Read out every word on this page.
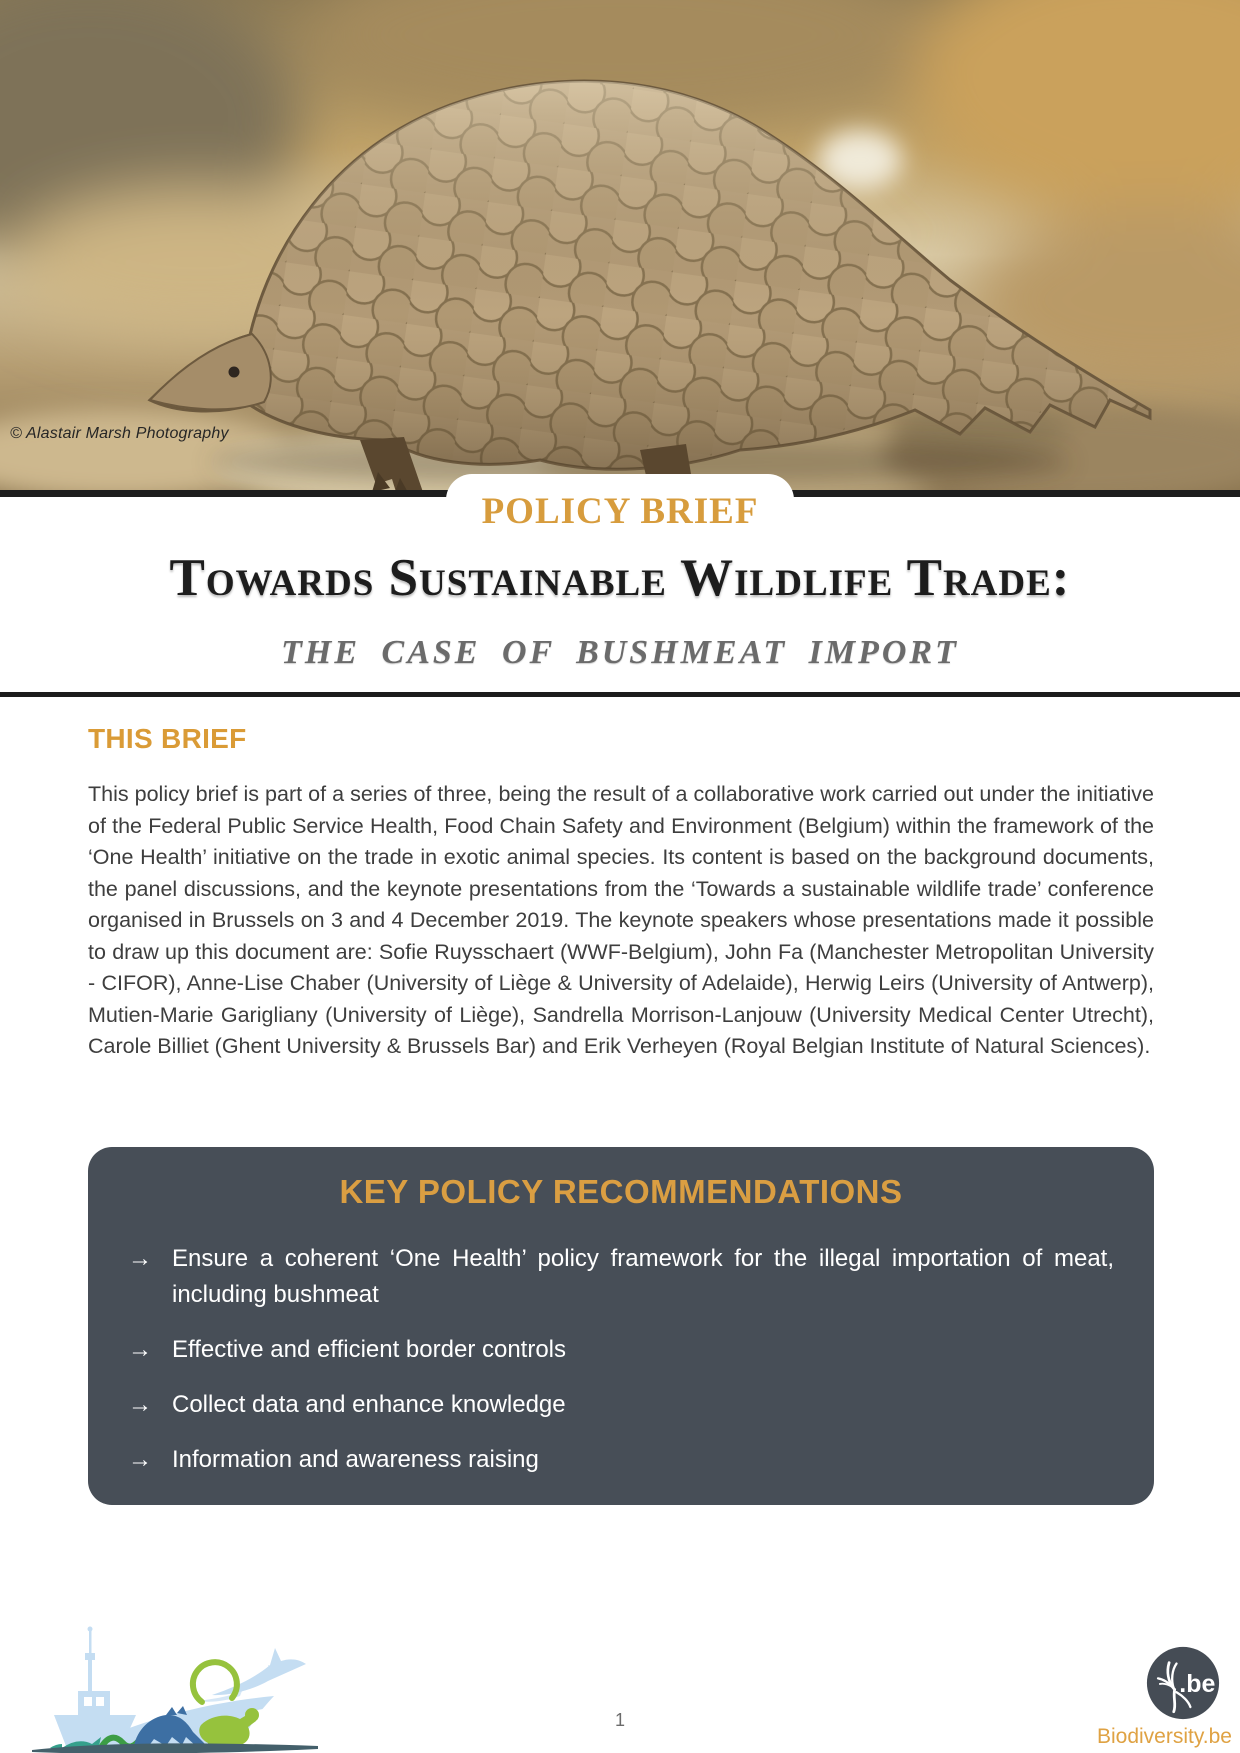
© Alastair Marsh Photography
POLICY BRIEF
Towards Sustainable Wildlife Trade:
THE CASE OF BUSHMEAT IMPORT
THIS BRIEF

This policy brief is part of a series of three, being the result of a collaborative work carried out under the initiative of the Federal Public Service Health, Food Chain Safety and Environment (Belgium) within the framework of the ‘One Health’ initiative on the trade in exotic animal species. Its content is based on the background documents, the panel discussions, and the keynote presentations from the ‘Towards a sustainable wildlife trade’ conference organised in Brussels on 3 and 4 December 2019. The keynote speakers whose presentations made it possible to draw up this document are: Sofie Ruysschaert (WWF-Belgium), John Fa (Manchester Metropolitan University - CIFOR), Anne-Lise Chaber (University of Liège & University of Adelaide), Herwig Leirs (University of Antwerp), Mutien-Marie Garigliany (University of Liège), Sandrella Morrison-Lanjouw (University Medical Center Utrecht), Carole Billiet (Ghent University & Brussels Bar) and Erik Verheyen (Royal Belgian Institute of Natural Sciences).

KEY POLICY RECOMMENDATIONS
→ Ensure a coherent ‘One Health’ policy framework for the illegal importation of meat, including bushmeat
→ Effective and efficient border controls
→ Collect data and enhance knowledge
→ Information and awareness raising
1
.be
Biodiversity.be
